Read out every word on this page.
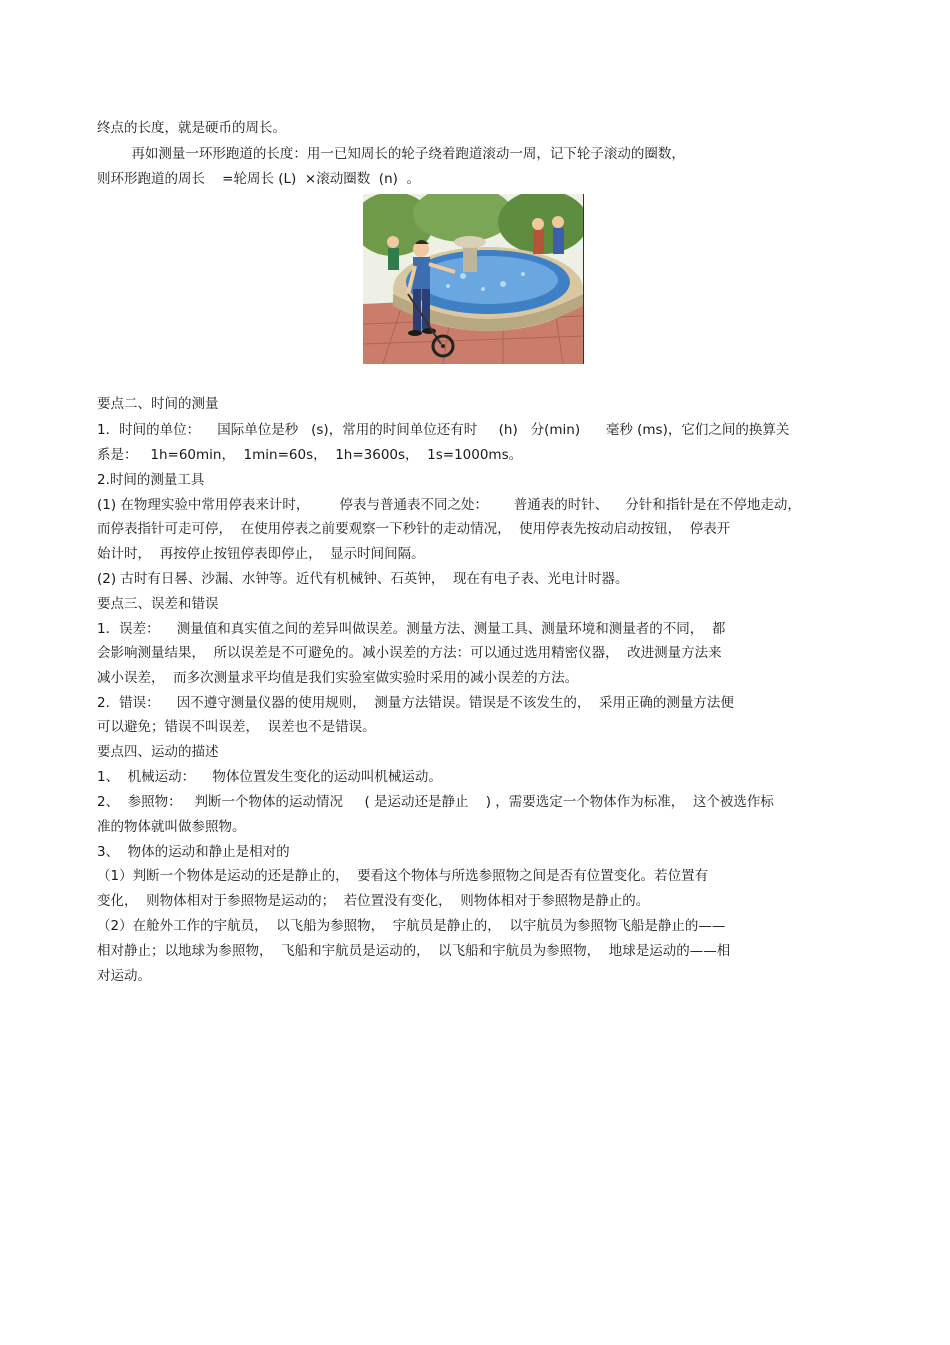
终点的长度，就是硬币的周长。
再如测量一环形跑道的长度：用一已知周长的轮子绕着跑道滚动一周，记下轮子滚动的圈数，
则环形跑道的周长    =轮周长 (L)  ×滚动圈数  (n)  。
要点二、时间的测量
1．时间的单位：    国际单位是秒   (s)，常用的时间单位还有时     (h)   分(min)      毫秒 (ms)，它们之间的换算关
系是：   1h=60min，  1min=60s，  1h=3600s，  1s=1000ms。
2.时间的测量工具
(1) 在物理实验中常用停表来计时，       停表与普通表不同之处：      普通表的时针、    分针和指针是在不停地走动，
而停表指针可走可停，  在使用停表之前要观察一下秒针的走动情况，  使用停表先按动启动按钮，  停表开
始计时，  再按停止按钮停表即停止，  显示时间间隔。
(2) 古时有日晷、沙漏、水钟等。近代有机械钟、石英钟，  现在有电子表、光电计时器。
要点三、误差和错误
1．误差：    测量值和真实值之间的差异叫做误差。测量方法、测量工具、测量环境和测量者的不同，  都
会影响测量结果，  所以误差是不可避免的。减小误差的方法：可以通过选用精密仪器，  改进测量方法来
减小误差，  而多次测量求平均值是我们实验室做实验时采用的减小误差的方法。
2．错误：    因不遵守测量仪器的使用规则，  测量方法错误。错误是不该发生的，  采用正确的测量方法便
可以避免；错误不叫误差，  误差也不是错误。
要点四、运动的描述
1、  机械运动：    物体位置发生变化的运动叫机械运动。
2、  参照物：   判断一个物体的运动情况     ( 是运动还是静止    ) ，需要选定一个物体作为标准，  这个被选作标
准的物体就叫做参照物。
3、  物体的运动和静止是相对的
（1）判断一个物体是运动的还是静止的，  要看这个物体与所选参照物之间是否有位置变化。若位置有
变化，  则物体相对于参照物是运动的；  若位置没有变化，  则物体相对于参照物是静止的。
（2）在舱外工作的宇航员，  以飞船为参照物，  宇航员是静止的，  以宇航员为参照物飞船是静止的——
相对静止；以地球为参照物，  飞船和宇航员是运动的，  以飞船和宇航员为参照物，  地球是运动的——相
对运动。
